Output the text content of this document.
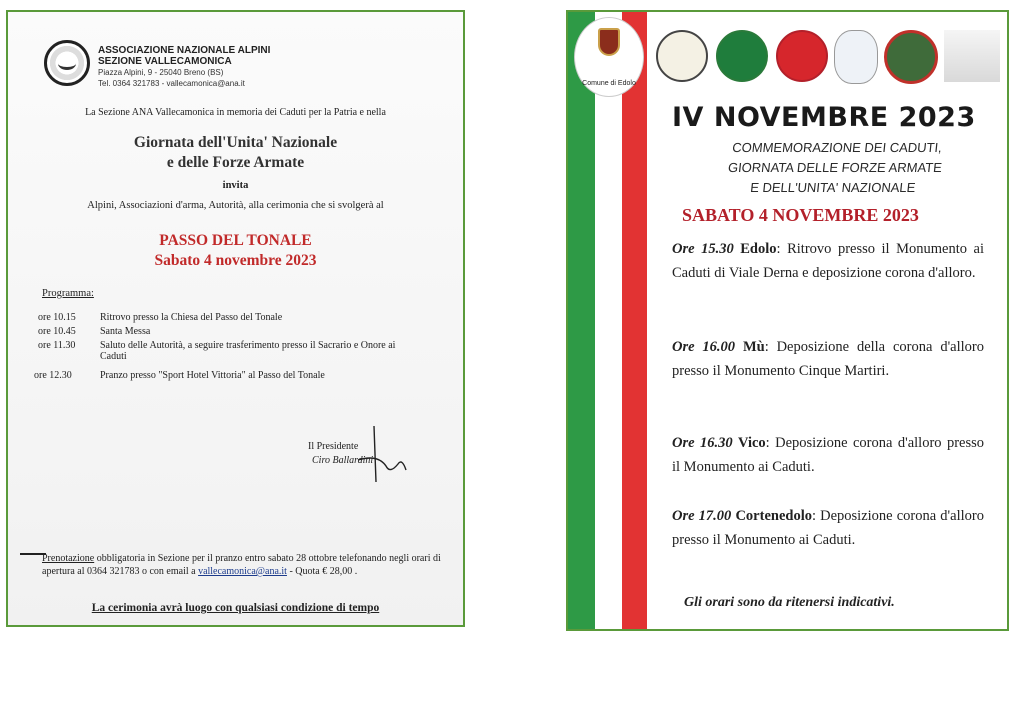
ASSOCIAZIONE NAZIONALE ALPINI
SEZIONE VALLECAMONICA
Piazza Alpini, 9 - 25040 Breno (BS)
Tel. 0364 321783 - vallecamonica@ana.it
La Sezione ANA Vallecamonica in memoria dei Caduti per la Patria e nella
Giornata dell'Unita' Nazionale
e delle Forze Armate
invita
Alpini, Associazioni d'arma, Autorità, alla cerimonia che si svolgerà al
PASSO DEL TONALE
Sabato 4 novembre 2023
Programma:
ore 10.15	Ritrovo presso la Chiesa del Passo del Tonale
ore 10.45	Santa Messa
ore 11.30	Saluto delle Autorità, a seguire trasferimento presso il Sacrario e Onore ai Caduti
ore 12.30	Pranzo presso "Sport Hotel Vittoria" al Passo del Tonale
Il Presidente
Ciro Ballardini
Prenotazione obbligatoria in Sezione per il pranzo entro sabato 28 ottobre telefonando negli orari di apertura al 0364 321783 o con email a vallecamonica@ana.it - Quota € 28,00 .
La cerimonia avrà luogo con qualsiasi condizione di tempo
Comune di Edolo
IV NOVEMBRE 2023
COMMEMORAZIONE DEI CADUTI,
GIORNATA DELLE FORZE ARMATE
E DELL'UNITA' NAZIONALE
SABATO 4 NOVEMBRE 2023
Ore 15.30 Edolo: Ritrovo presso il Monumento ai Caduti di Viale Derna e deposizione corona d'alloro.
Ore 16.00 Mù: Deposizione della corona d'alloro presso il Monumento Cinque Martiri.
Ore 16.30 Vico: Deposizione corona d'alloro presso il Monumento ai Caduti.
Ore 17.00 Cortenedolo: Deposizione corona d'alloro presso il Monumento ai Caduti.
Gli orari sono da ritenersi indicativi.
